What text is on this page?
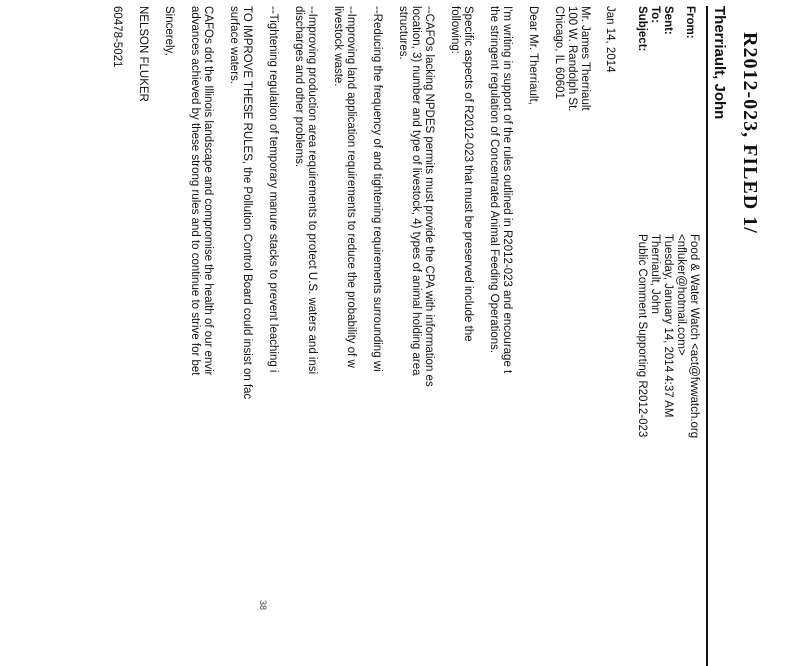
R2012-023, FILED 1/
Therriault, John
From:
Food & Water Watch <act@fwwatch.org
<nfluker@hotmail.com>
Sent:
Tuesday, January 14, 2014 4:37 AM
To:
Therriault, John
Subject:
Public Comment Supporting R2012-023
Jan 14, 2014
Mr. James Therriault
100 W. Randolph St.
Chicago, IL 60601
Dear Mr. Therriault,
I'm writing in support of the rules outlined in R2012-023 and encourage t
the stringent regulation of Concentrated Animal Feeding Operations.
Specific aspects of R2012-023 that must be preserved include the
following:
--CAFOs lacking NPDES permits must provide the CPA with information es
location, 3) number and type of livestock, 4) types of animal holding area
structures.
--Reducing the frequency of and tightening requirements surrounding wi
--Improving land application requirements to reduce the probability of w
livestock waste.
--Improving production area requirements to protect U.S. waters and insi
discharges and other problems.
--Tightening regulation of temporary manure stacks to prevent leaching i
TO IMPROVE THESE RULES, the Pollution Control Board could insist on fac
surface waters.
CAFOs dot the Illinois landscape and compromise the health of our envir
advances achieved by these strong rules and to continue to strive for bet
Sincerely,
NELSON FLUKER
60478-5021
38
